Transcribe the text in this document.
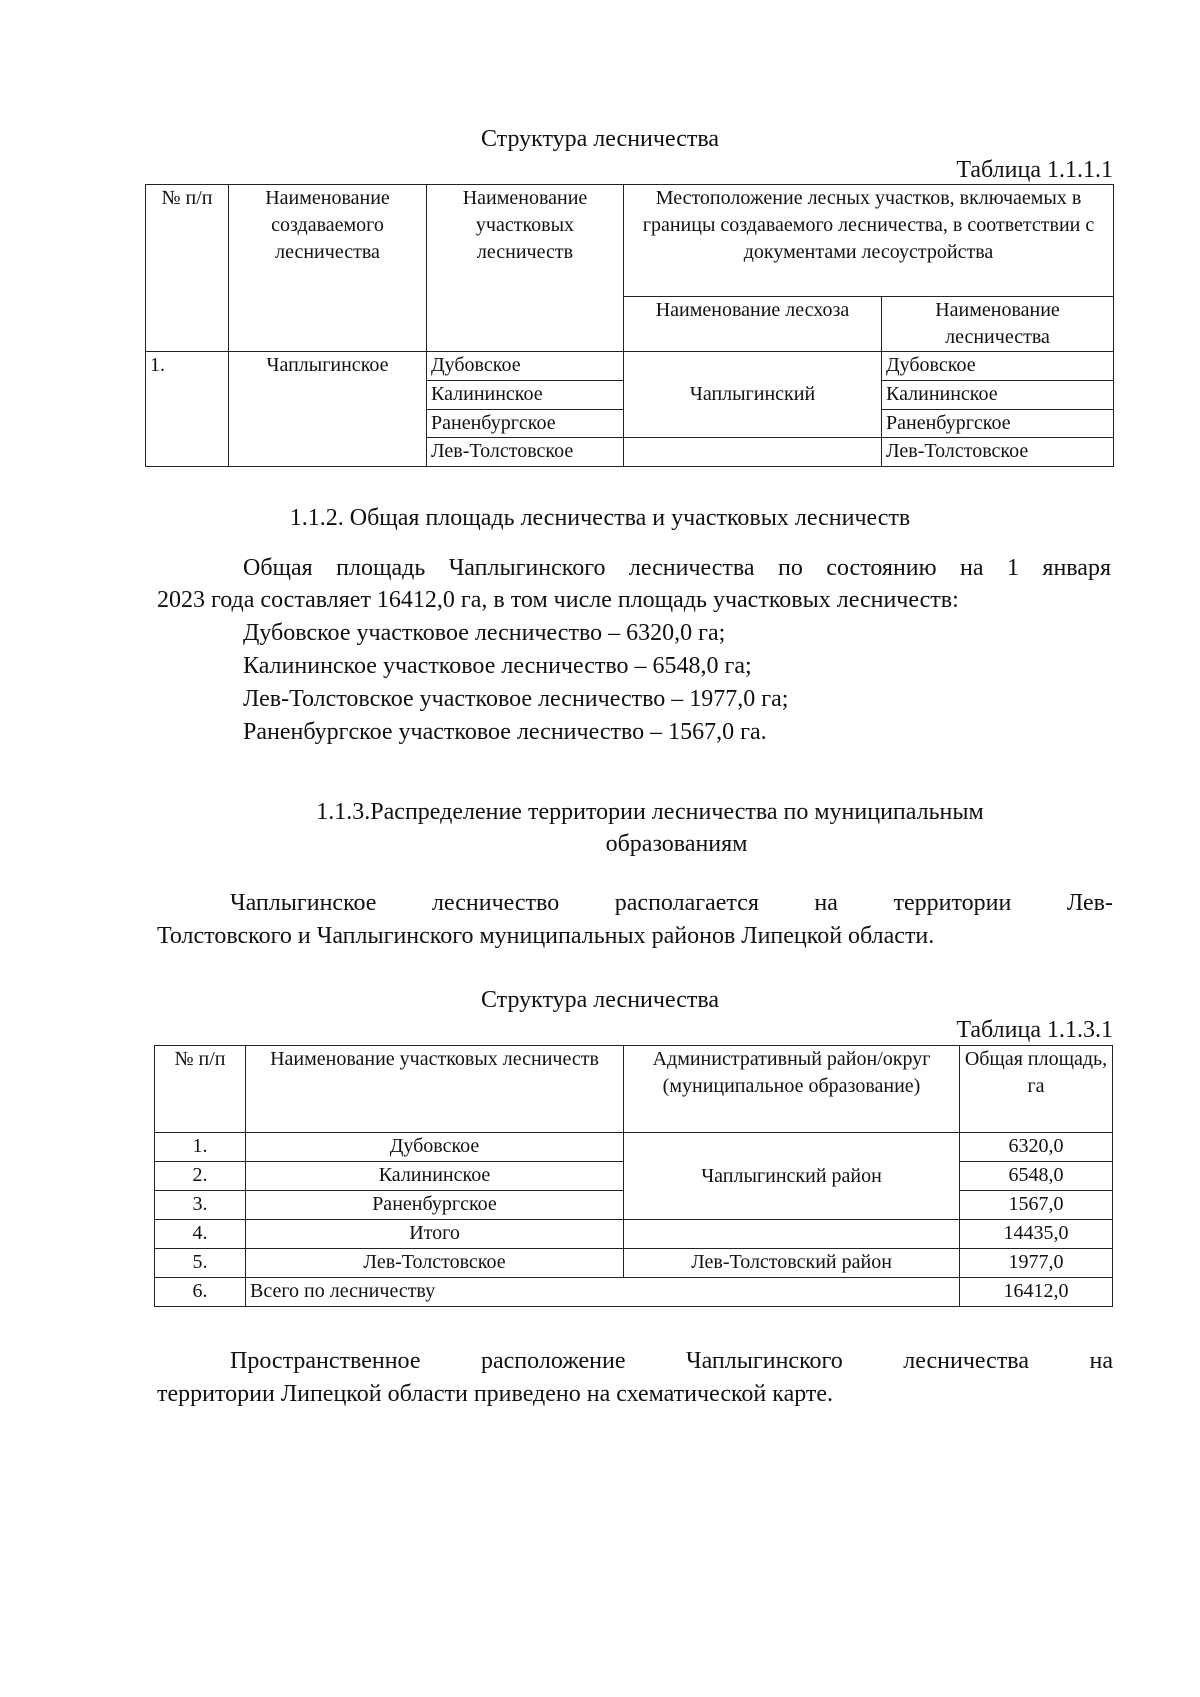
Структура лесничества
Таблица 1.1.1.1
№ п/п	Наименование создаваемого лесничества	Наименование участковых лесничеств	Местоположение лесных участков, включаемых в границы создаваемого лесничества, в соответствии с документами лесоустройства	
			Наименование лесхоза	Наименование лесничества
1.	Чаплыгинское	Дубовское	Чаплыгинский	Дубовское
		Калининское		Калининское
		Раненбургское		Раненбургское
		Лев-Толстовское		Лев-Толстовское
1.1.2. Общая площадь лесничества и участковых лесничеств
Общая площадь Чаплыгинского лесничества по состоянию на 1 января
2023 года составляет 16412,0 га, в том числе площадь участковых лесничеств:
Дубовское участковое лесничество – 6320,0 га;
Калининское участковое лесничество – 6548,0 га;
Лев-Толстовское участковое лесничество – 1977,0 га;
Раненбургское участковое лесничество – 1567,0 га.
1.1.3.Распределение территории лесничества по муниципальным
образованиям
Чаплыгинское лесничество располагается на территории Лев-
Толстовского и Чаплыгинского муниципальных районов Липецкой области.
Структура лесничества
Таблица 1.1.3.1
№ п/п	Наименование участковых лесничеств	Административный район/округ (муниципальное образование)	Общая площадь, га
1.	Дубовское	Чаплыгинский район	6320,0
2.	Калининское		6548,0
3.	Раненбургское		1567,0
4.	Итого		14435,0
5.	Лев-Толстовское	Лев-Толстовский район	1977,0
6.	Всего по лесничеству		16412,0
Пространственное расположение Чаплыгинского лесничества на
территории Липецкой области приведено на схематической карте.
